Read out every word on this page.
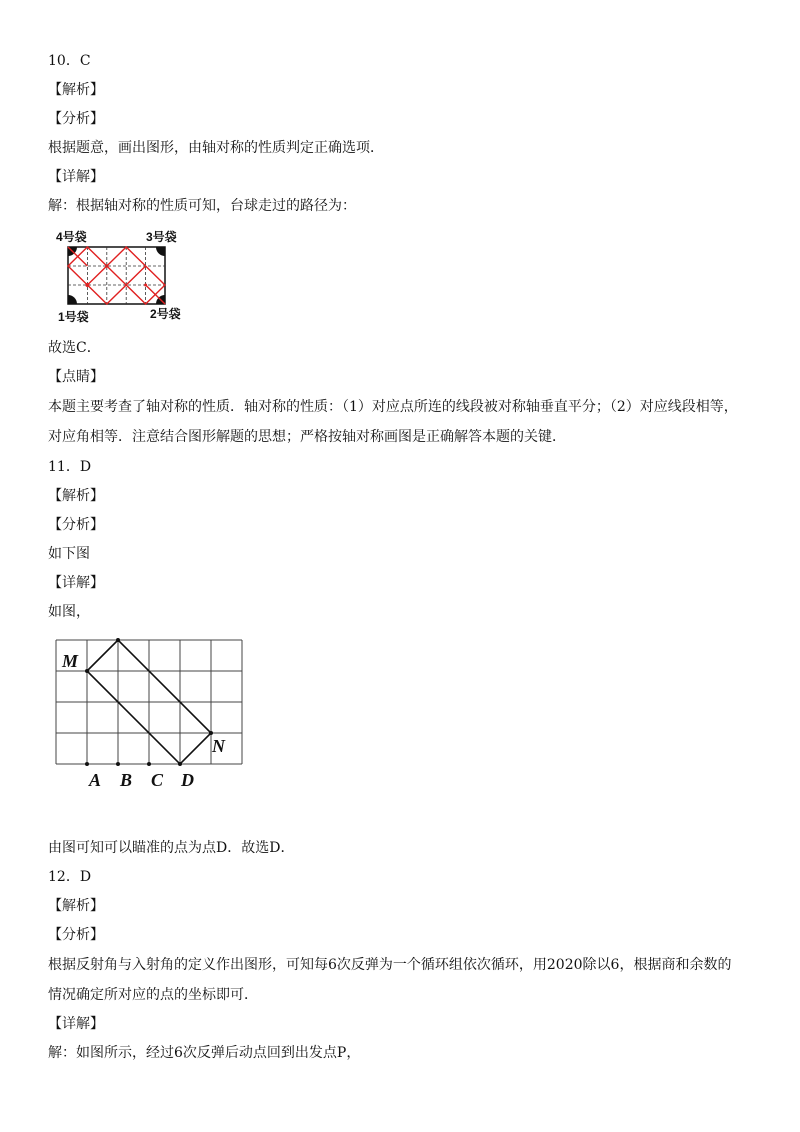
10．C
【解析】
【分析】
根据题意，画出图形，由轴对称的性质判定正确选项．
【详解】
解：根据轴对称的性质可知，台球走过的路径为：
4号袋	3号袋
1号袋	2号袋
故选C．
【点睛】
本题主要考查了轴对称的性质．轴对称的性质：（1）对应点所连的线段被对称轴垂直平分；（2）对应线段相等，
对应角相等．注意结合图形解题的思想；严格按轴对称画图是正确解答本题的关键．
11．D
【解析】
【分析】
如下图
【详解】
如图，
M
N
A B C D
由图可知可以瞄准的点为点D．故选D．
12．D
【解析】
【分析】
根据反射角与入射角的定义作出图形，可知每6次反弹为一个循环组依次循环，用2020除以6，根据商和余数的
情况确定所对应的点的坐标即可．
【详解】
解：如图所示，经过6次反弹后动点回到出发点P，
